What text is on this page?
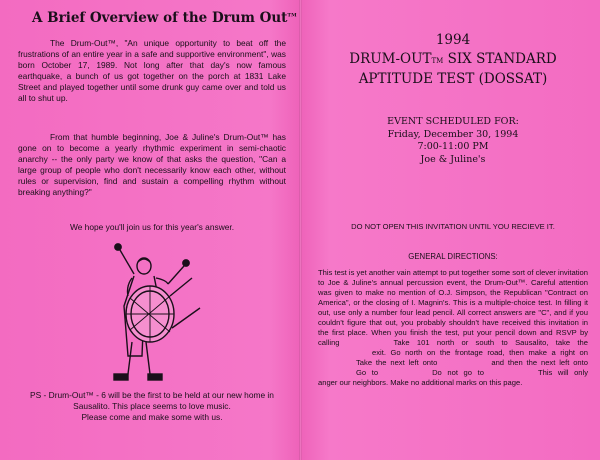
A Brief Overview of the Drum Out™

The Drum-Out™, "An unique opportunity to beat off the frustrations of an entire year in a safe and supportive environment", was born October 17, 1989. Not long after that day's now famous earthquake, a bunch of us got together on the porch at 1831 Lake Street and played together until some drunk guy came over and told us all to shut up.

From that humble beginning, Joe & Juline's Drum-Out™ has gone on to become a yearly rhythmic experiment in semi-chaotic anarchy -- the only party we know of that asks the question, "Can a large group of people who don't necessarily know each other, without rules or supervision, find and sustain a compelling rhythm without breaking anything?"

We hope you'll join us for this year's answer.

PS - Drum-Out™ - 6 will be the first to be held at our new home in Sausalito. This place seems to love music.
Please come and make some with us.

1994
DRUM-OUTTM SIX STANDARD
APTITUDE TEST (DOSSAT)

EVENT SCHEDULED FOR:
Friday, December 30, 1994
7:00-11:00 PM
Joe & Juline's

DO NOT OPEN THIS INVITATION UNTIL YOU RECIEVE IT.

GENERAL DIRECTIONS:

This test is yet another vain attempt to put together some sort of clever invitation to Joe & Juline's annual percussion event, the Drum-Out™. Careful attention was given to make no mention of O.J. Simpson, the Republican "Contract on America", or the closing of I. Magnin's. This is a multiple-choice test. In filling it out, use only a number four lead pencil. All correct answers are "C", and if you couldn't figure that out, you probably shouldn't have received this invitation in the first place. When you finish the test, put your pencil down and RSVP by calling	Take 101 north or south to Sausalito, take theexit. Go north on the frontage road, then make a right onTake the next left onto	and then the next left ontoGo to	Do not go to	This will only anger our neighbors. Make no additional marks on this page.
